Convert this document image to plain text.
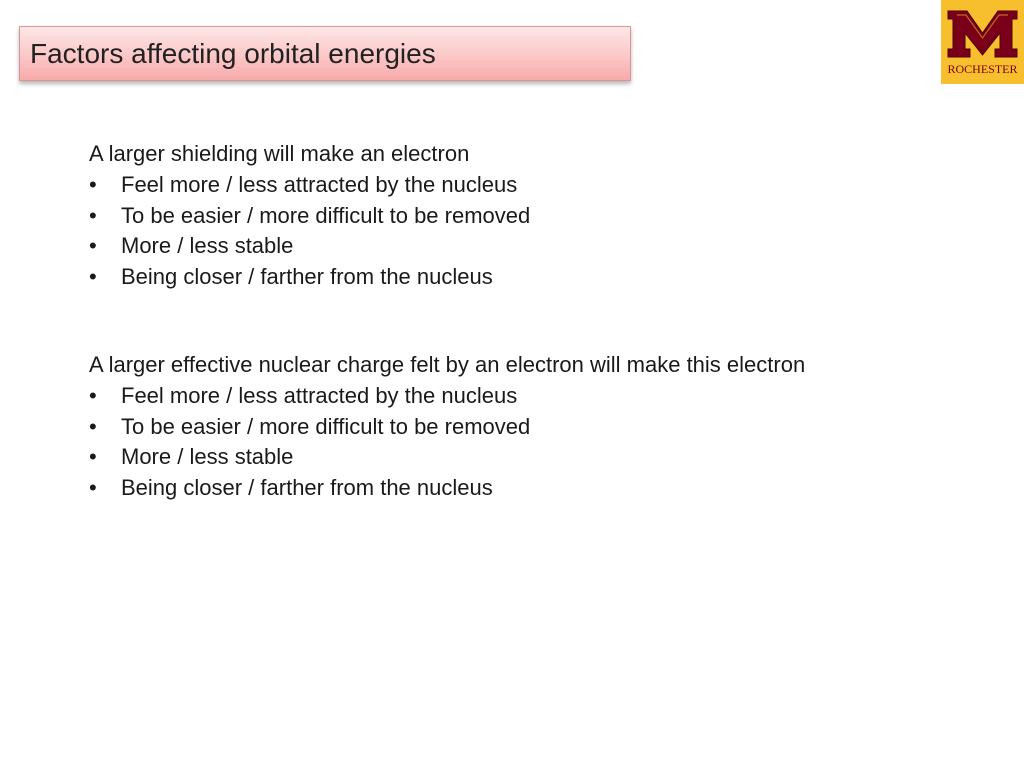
Factors affecting orbital energies	ROCHESTER
A larger shielding will make an electron
• Feel more / less attracted by the nucleus
• To be easier / more difficult to be removed
• More / less stable
• Being closer / farther from the nucleus
A larger effective nuclear charge felt by an electron will make this electron
• Feel more / less attracted by the nucleus
• To be easier / more difficult to be removed
• More / less stable
• Being closer / farther from the nucleus
